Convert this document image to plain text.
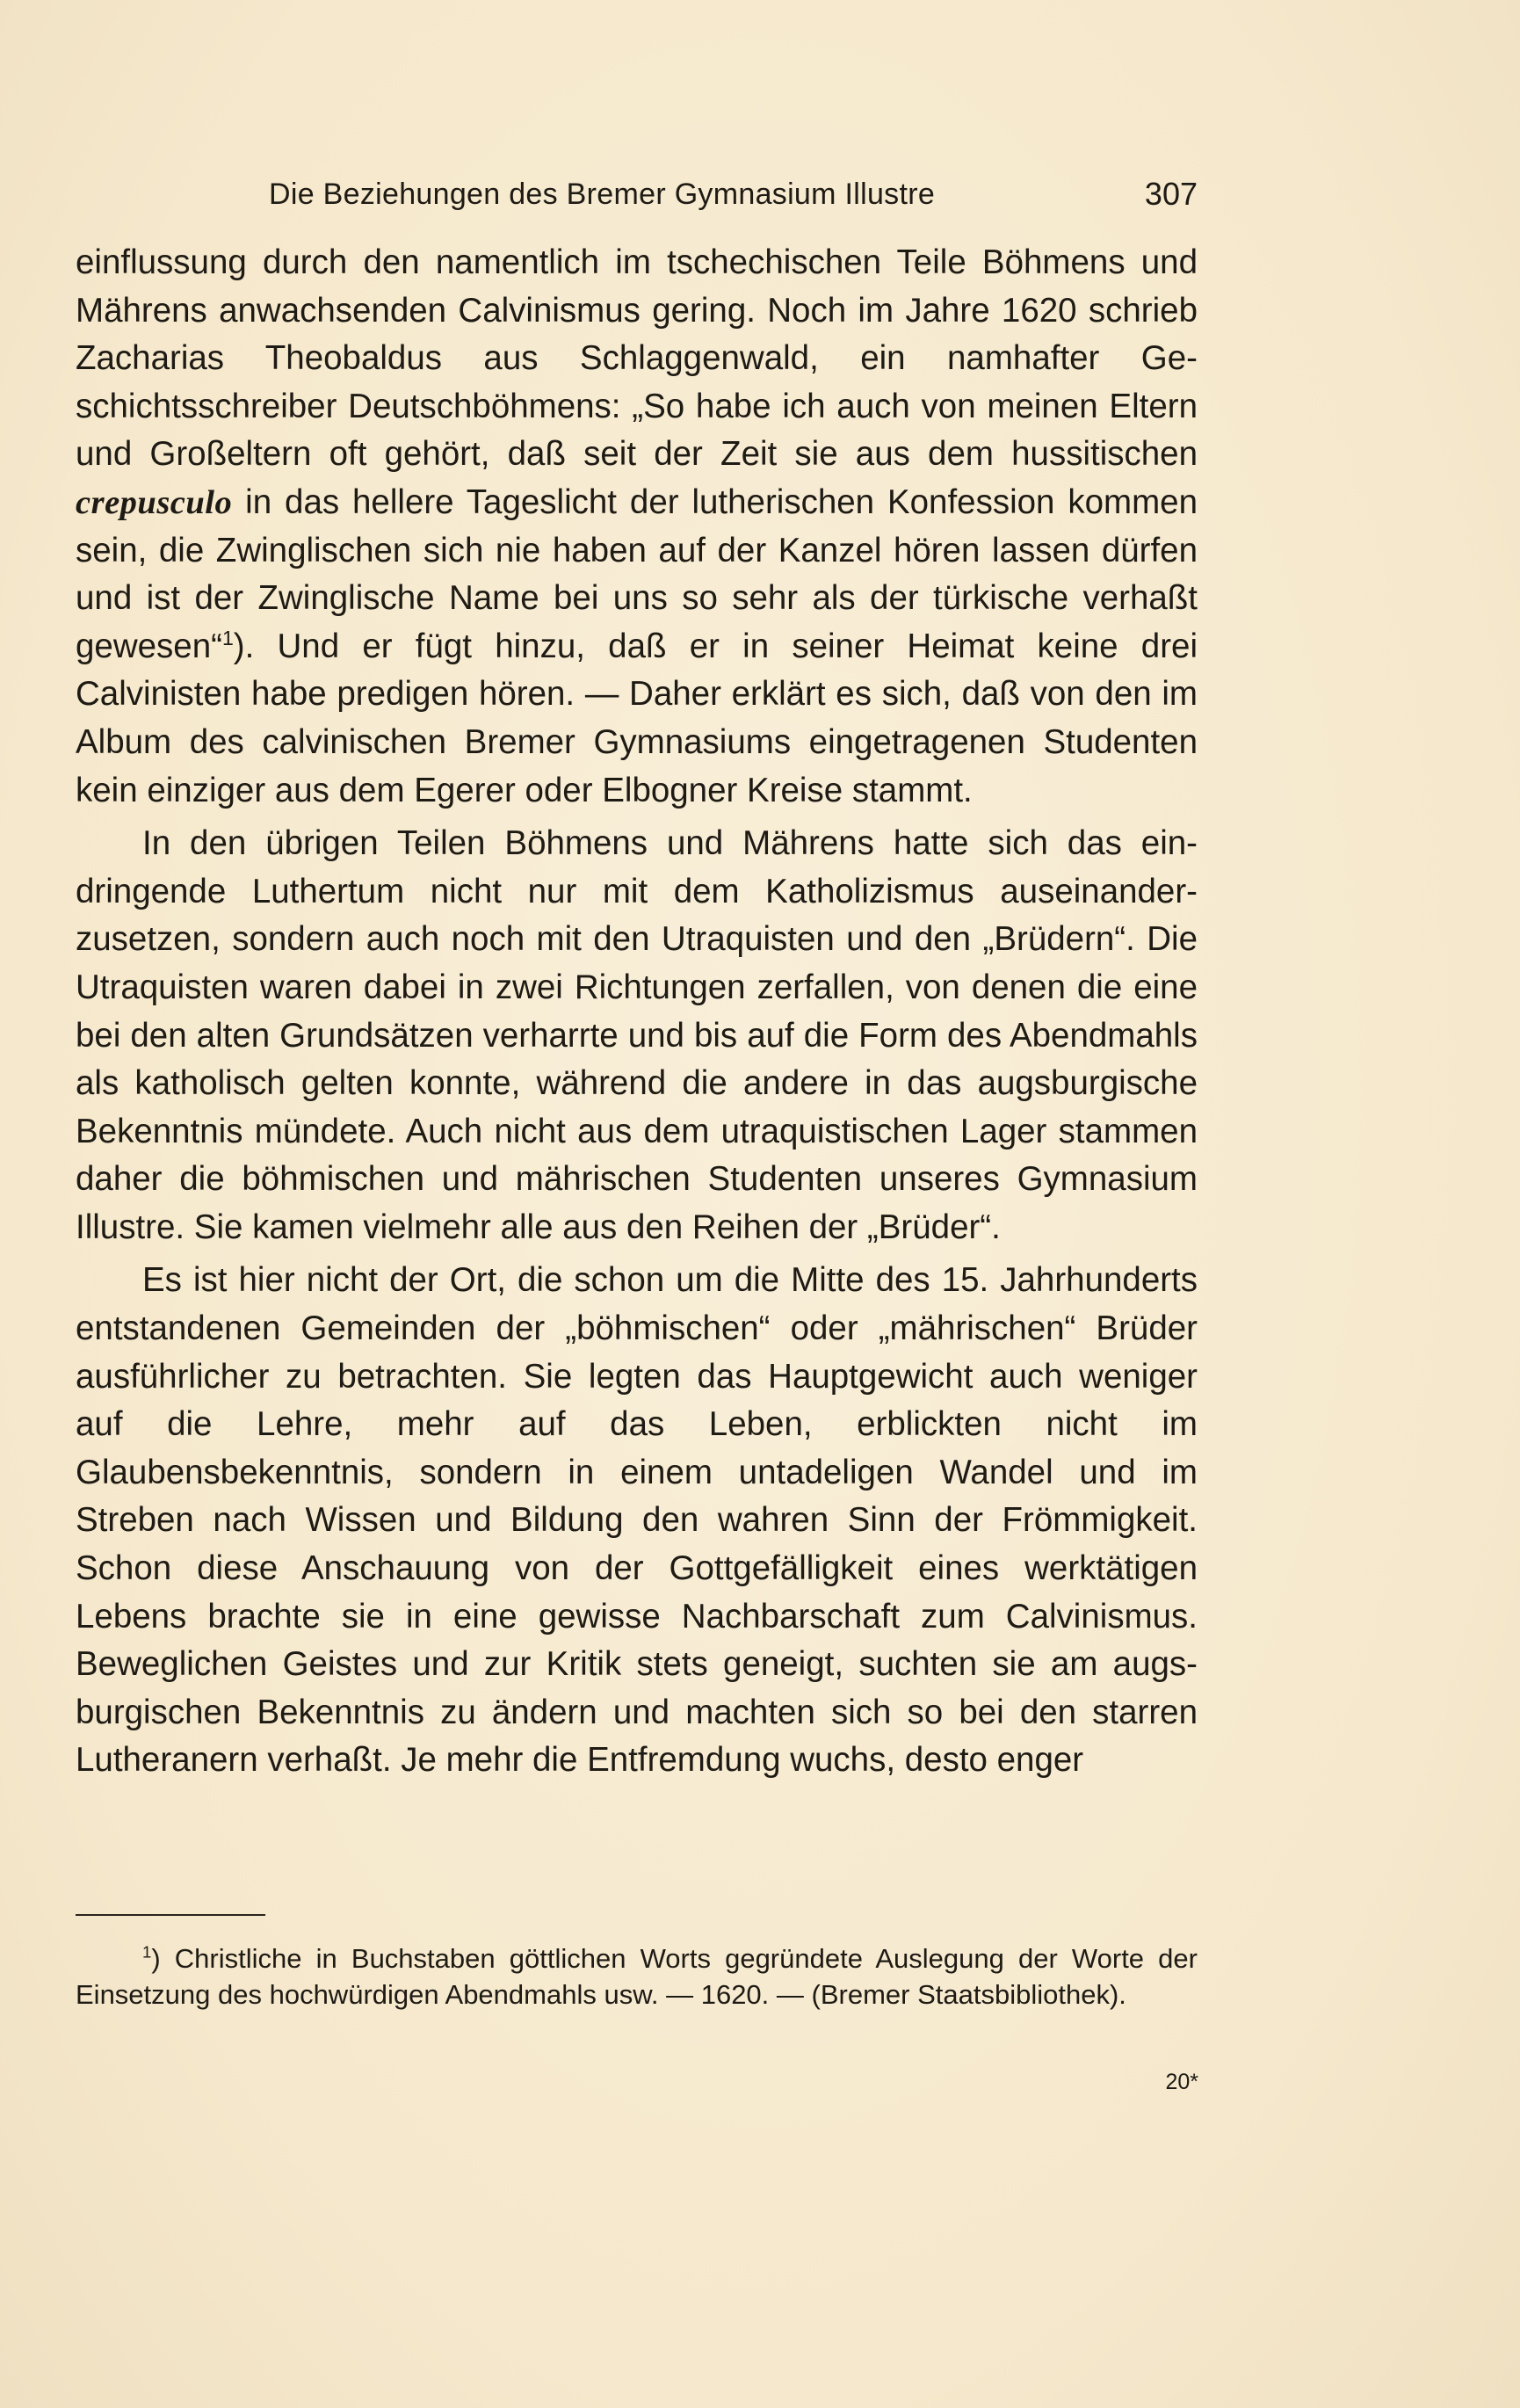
Die Beziehungen des Bremer Gymnasium Illustre	307

einflussung durch den namentlich im tschechischen Teile Böhmens und Mährens anwachsenden Calvinismus gering. Noch im Jahre 1620 schrieb Zacharias Theobaldus aus Schlaggenwald, ein namhafter Geschichtsschreiber Deutschböhmens: „So habe ich auch von meinen Eltern und Großeltern oft gehört, daß seit der Zeit sie aus dem hussitischen crepusculo in das hellere Tageslicht der lutherischen Konfession kommen sein, die Zwinglischen sich nie haben auf der Kanzel hören lassen dürfen und ist der Zwinglische Name bei uns so sehr als der türkische verhaßt gewesen“$^1$). Und er fügt hinzu, daß er in seiner Heimat keine drei Calvinisten habe predigen hören. — Daher erklärt es sich, daß von den im Album des calvinischen Bremer Gymnasiums eingetragenen Studenten kein einziger aus dem Egerer oder Elbogner Kreise stammt.

In den übrigen Teilen Böhmens und Mährens hatte sich das eindringende Luthertum nicht nur mit dem Katholizismus auseinanderzusetzen, sondern auch noch mit den Utraquisten und den „Brüdern“. Die Utraquisten waren dabei in zwei Richtungen zerfallen, von denen die eine bei den alten Grundsätzen verharrte und bis auf die Form des Abendmahls als katholisch gelten konnte, während die andere in das augsburgische Bekenntnis mündete. Auch nicht aus dem utraquistischen Lager stammen daher die böhmischen und mährischen Studenten unseres Gymnasium Illustre. Sie kamen vielmehr alle aus den Reihen der „Brüder“.

Es ist hier nicht der Ort, die schon um die Mitte des 15. Jahrhunderts entstandenen Gemeinden der „böhmischen“ oder „mährischen“ Brüder ausführlicher zu betrachten. Sie legten das Hauptgewicht auch weniger auf die Lehre, mehr auf das Leben, erblickten nicht im Glaubensbekenntnis, sondern in einem untadeligen Wandel und im Streben nach Wissen und Bildung den wahren Sinn der Frömmigkeit. Schon diese Anschauung von der Gottgefälligkeit eines werktätigen Lebens brachte sie in eine gewisse Nachbarschaft zum Calvinismus. Beweglichen Geistes und zur Kritik stets geneigt, suchten sie am augsburgischen Bekenntnis zu ändern und machten sich so bei den starren Lutheranern verhaßt. Je mehr die Entfremdung wuchs, desto enger

$^1$) Christliche in Buchstaben göttlichen Worts gegründete Auslegung der Worte der Einsetzung des hochwürdigen Abendmahls usw. — 1620. — (Bremer Staatsbibliothek).

20*
